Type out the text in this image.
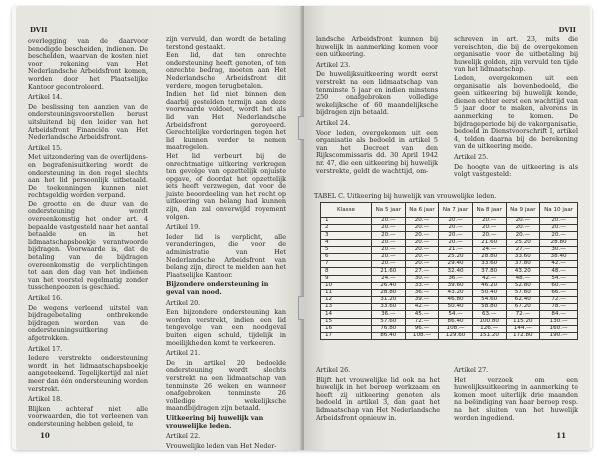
DVII

overlegging van de daarvoor benodigde bescheiden, indienen. De beschelden, waarvan de kosten niet voor rekening van Het Nederlandsche Arbeidsfront komen, worden door het Plaatselijke Kantoor gecontroleerd.

Artikel 14.

De beslissing ten aanzien van de ondersteuningsvoorstellen berust uitsluitend bij den leider van het Arbeidsfront Financiën van Het Nederlandsche Arbeidsfront.

Artikel 15.

Met uitzondering van de overlijdens- en begrafenisuitkering wordt de ondersteuning in den regel slechts aan het lid persoonlijk uitbetaald. De toekenningen kunnen niet rechtsgeldig worden verpand.

De grootte en de duur van de ondersteuning wordt overeenkomstig het onder art. 4 bepaalde vastgesteld naar het aantal betaalde en in het lidmaatschapsboekje verantwoorde bijdragen. Voorwaarde is, dat de betaling van de bijdragen overeenkomstig de verplichtingen tot aan den dag van het indienen van het voorstel regelmatig zonder tusschenpoozen is geschied.

Artikel 16.

De wegens verleend uitstel van bijdragebetaling ontbrekende bijdragen worden van de ondersteuningsuitkering afgetrokken.

Artikel 17.

Iedere verstrekte ondersteuning wordt in het lidmaatschapsboekje aangeteekend. Tegelijkertijd zal niet meer dan één ondersteuning worden verstrekt.

Artikel 18.

Blijken achteraf niet alle voorwaarden, die tot verleenen van ondersteuning hebben geleid, te

zijn vervuld, dan wordt de betaling terstond gestaakt.

Een lid, dat ten onrechte ondersteuning heeft genoten, of ten onrechte bedrag, moeten aan Het Nederlandsche Arbeidsfront dit verdere, mogen terugbetalen.

Indien het lid niet binnen den daarbij gestelden termijn aan deze voorwaarde voldoet, wordt het als lid van Het Nederlandsche Arbeidsfront geroyeerd. Gerechtelijke vorderingen tegen het lid kunnen verder te nemen maatregelen.

Het lid verbeurt bij de onrechtmatige uitkering verkregen ten gevolge van opzettelijk onjuiste opgave, of doordat het opzettelijk iets heeft verzwegen, dat voor de juiste beoordeeling van het recht op uitkeering van belang had kunnen zijn, dan zal onverwijld royement volgen.

Artikel 19.

Ieder lid is verplicht, alle veranderingen, die voor de administratie van Het Nederlandsche Arbeidsfront van belang zijn, direct te melden aan het Plaatselijke Kantoor.

Bijzondere ondersteuning in geval van nood.

Artikel 20.

Een bijzondere ondersteuning kan worden verstrekt, indien een lid tengevolge van een noodgeval buiten eigen schuld, tijdelijk in moeilijkheden komt te verkeeren.

Artikel 21.

De in artikel 20 bedoelde ondersteuning wordt slechts verstrekt na een lidmaatschap van tenminste 26 weken en wanneer onafgebroken tenminste 26 volledige wekelijksche maandbijdragen zijn betaald.

Uitkeering bij huwelijk van vrouwelijke leden.

Artikel 22.

Vrouwelijke leden van Het Neder-

10
DVII

landsche Arbeidsfront kunnen bij huwelijk in aanmerking komen voor een uitkeering.

Artikel 23.

De huwelijksuitkeering wordt eerst verstrekt na een lidmaatschap van tenminste 5 jaar en indien minstens 250 onafgebroken volledige wekelijksche of 60 maandelijksche bijdragen zijn betaald.

Artikel 24.

Voor leden, overgekomen uit een organisatie als bedoeld in artikel 5 van het Decreet van den Rijkscommissaris dd. 30 April 1942 nr. 47, die een uitkeering bij huwelijk verstrekte, geldt de wachttijd, om-

schreven in art. 23, mits die vereischten, die bij de overgekomen organisatie voor de uitbetaling bij huwelijk golden, zijn vervuld ten tijde van het lidmaatschap.

Leden, overgekomen uit een organisatie als bovenbedoeld, die geen uitkeering bij huwelijk kende, dienen echter eerst een wachttijd van 5 jaar door te maken, alvorens in aanmerking te komen. De bijdrageperiode bij de vakorganisatie, bedoeld in Dienstvoorschrift I, artikel 4, telden daarna bij de berekening van de uitkeering mede.

Artikel 25.

De hoogte van de uitkeering is als volgt vastgesteld:

TABEL C. Uitkeering bij huwelijk van vrouwelijke leden.
Klasse	Na 5 jaar	Na 6 jaar	Na 7 jaar	Na 8 jaar	Na 9 jaar	Na 10 jaar
1	20.—	20.—	20.—	20.—	20.—	20.—
2	20.—	20.—	20.—	20.—	20.—	20.—
3	20.—	20.—	20.—	20.—	20.—	20.—
4	20.—	20.—	20.—	21.60	25.20	28.80
5	20.—	20.—	21.—	24.—	27.—	30.—
6	20.—	20.—	25.20	28.80	33.60	38.40
7	20.—	20.—	29.40	33.60	37.80	42.—
8	21.60	27.—	32.40	37.80	43.20	48.—
9	24.—	30.—	36.—	42.—	48.—	54.—
10	26.40	33.—	39.60	46.20	52.80	60.—
11	28.80	36.—	43.20	50.40	57.60	66.—
12	31.20	39.—	46.80	54.60	62.40	72.—
13	33.60	42.—	50.40	58.80	67.20	78.—
14	36.—	45.—	54.—	63.—	72.—	84.—
15	57.60	72.—	86.40	100.80	115.20	130.—
16	76.80	96.—	108.—	126.—	144.—	160.—
17	86.40	108.—	129.60	151.20	172.80	190.—

Artikel 26.

Blijft het vrouwelijke lid ook na het huwelijk in het beroep werkzaam en heeft zij uitkeering genoten als bedoeld in artikel 3, dan gaat het lidmaatschap van Het Nederlandsche Arbeidsfront opnieuw in.

Artikel 27.

Het verzoek om een huwelijksuitkeering in aanmerking te komen moet uiterlijk drie maanden na beëindiging van haar beroep resp. na het sluiten van het huwelijk worden ingediend.

11
